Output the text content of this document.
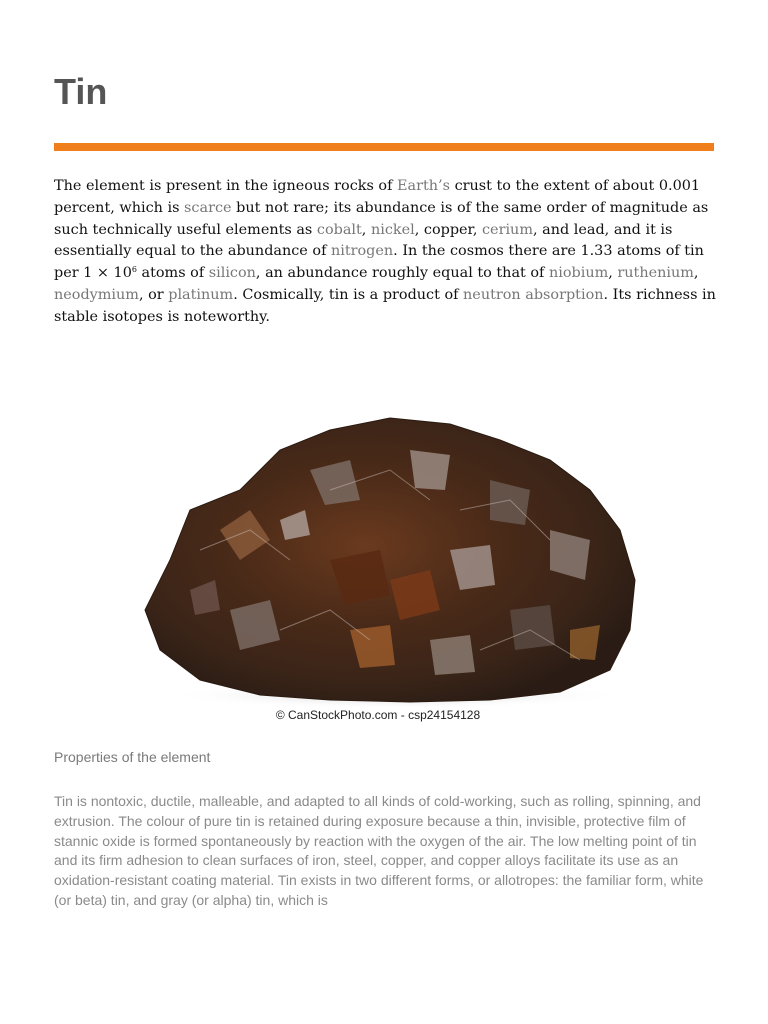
Tin

The element is present in the igneous rocks of Earth’s crust to the extent of about 0.001 percent, which is scarce but not rare; its abundance is of the same order of magnitude as such technically useful elements as cobalt, nickel, copper, cerium, and lead, and it is essentially equal to the abundance of nitrogen. In the cosmos there are 1.33 atoms of tin per $1 \times 10^6$ atoms of silicon, an abundance roughly equal to that of niobium, ruthenium, neodymium, or platinum. Cosmically, tin is a product of neutron absorption. Its richness in stable isotopes is noteworthy.

© CanStockPhoto.com - csp24154128
Properties of the element

Tin is nontoxic, ductile, malleable, and adapted to all kinds of cold-working, such as rolling, spinning, and extrusion. The colour of pure tin is retained during exposure because a thin, invisible, protective film of stannic oxide is formed spontaneously by reaction with the oxygen of the air. The low melting point of tin and its firm adhesion to clean surfaces of iron, steel, copper, and copper alloys facilitate its use as an oxidation-resistant coating material. Tin exists in two different forms, or allotropes: the familiar form, white (or beta) tin, and gray (or alpha) tin, which is
